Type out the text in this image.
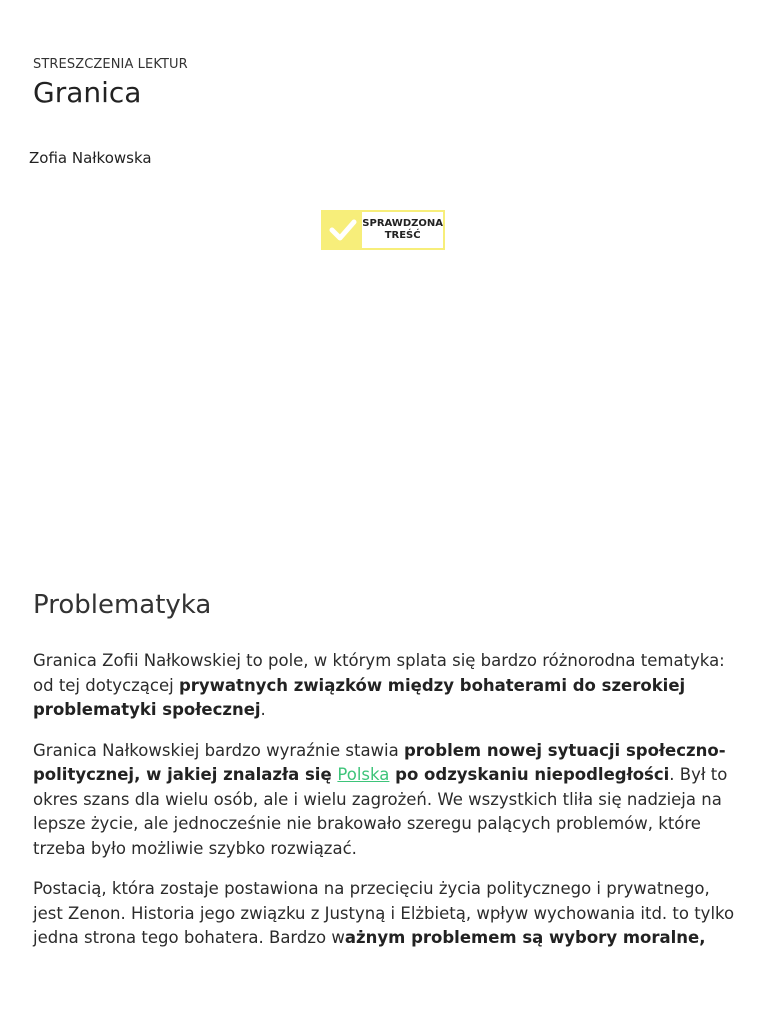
STRESZCZENIA LEKTUR
Granica
Zofia Nałkowska
SPRAWDZONA
TREŚĆ
Problematyka

Granica Zofii Nałkowskiej to pole, w którym splata się bardzo różnorodna tematyka: od tej dotyczącej prywatnych związków między bohaterami do szerokiej problematyki społecznej.

Granica Nałkowskiej bardzo wyraźnie stawia problem nowej sytuacji społeczno-politycznej, w jakiej znalazła się Polska po odzyskaniu niepodległości. Był to okres szans dla wielu osób, ale i wielu zagrożeń. We wszystkich tliła się nadzieja na lepsze życie, ale jednocześnie nie brakowało szeregu palących problemów, które trzeba było możliwie szybko rozwiązać.

Postacią, która zostaje postawiona na przecięciu życia politycznego i prywatnego, jest Zenon. Historia jego związku z Justyną i Elżbietą, wpływ wychowania itd. to tylko jedna strona tego bohatera. Bardzo ważnym problemem są wybory moralne,
